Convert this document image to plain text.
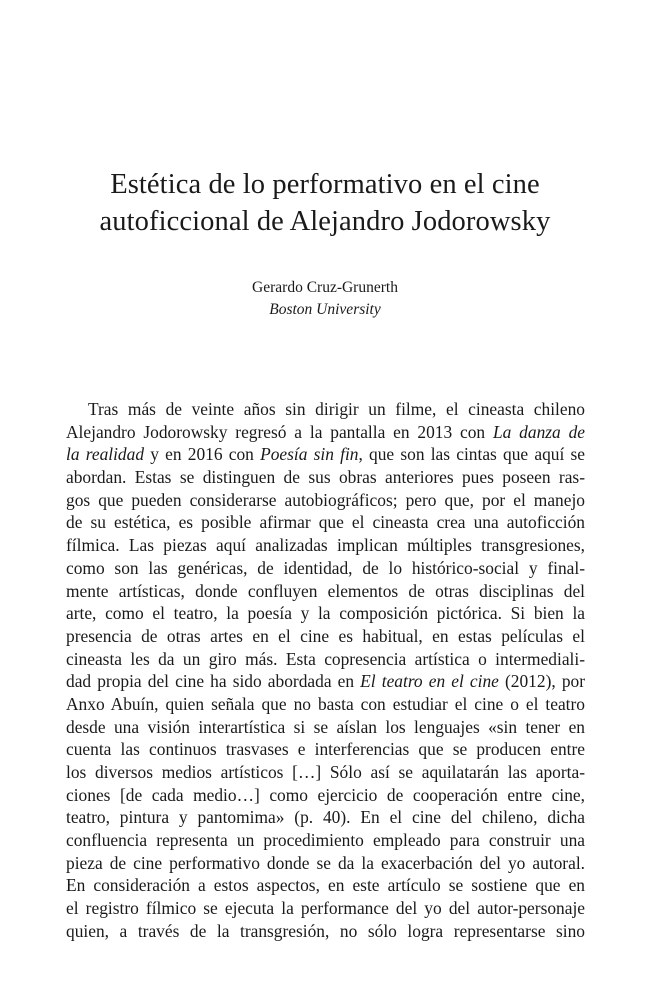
Estética de lo performativo en el cine
autoficcional de Alejandro Jodorowsky
Gerardo Cruz-Grunerth
Boston University
Tras más de veinte años sin dirigir un filme, el cineasta chileno
Alejandro Jodorowsky regresó a la pantalla en 2013 con La danza de
la realidad y en 2016 con Poesía sin fin, que son las cintas que aquí se
abordan. Estas se distinguen de sus obras anteriores pues poseen ras-
gos que pueden considerarse autobiográficos; pero que, por el manejo
de su estética, es posible afirmar que el cineasta crea una autoficción
fílmica. Las piezas aquí analizadas implican múltiples transgresiones,
como son las genéricas, de identidad, de lo histórico-social y final-
mente artísticas, donde confluyen elementos de otras disciplinas del
arte, como el teatro, la poesía y la composición pictórica. Si bien la
presencia de otras artes en el cine es habitual, en estas películas el
cineasta les da un giro más. Esta copresencia artística o intermediali-
dad propia del cine ha sido abordada en El teatro en el cine (2012), por
Anxo Abuín, quien señala que no basta con estudiar el cine o el teatro
desde una visión interartística si se aíslan los lenguajes «sin tener en
cuenta las continuos trasvases e interferencias que se producen entre
los diversos medios artísticos […] Sólo así se aquilatarán las aporta-
ciones [de cada medio…] como ejercicio de cooperación entre cine,
teatro, pintura y pantomima» (p. 40). En el cine del chileno, dicha
confluencia representa un procedimiento empleado para construir una
pieza de cine performativo donde se da la exacerbación del yo autoral.
En consideración a estos aspectos, en este artículo se sostiene que en
el registro fílmico se ejecuta la performance del yo del autor-personaje
quien, a través de la transgresión, no sólo logra representarse sino
